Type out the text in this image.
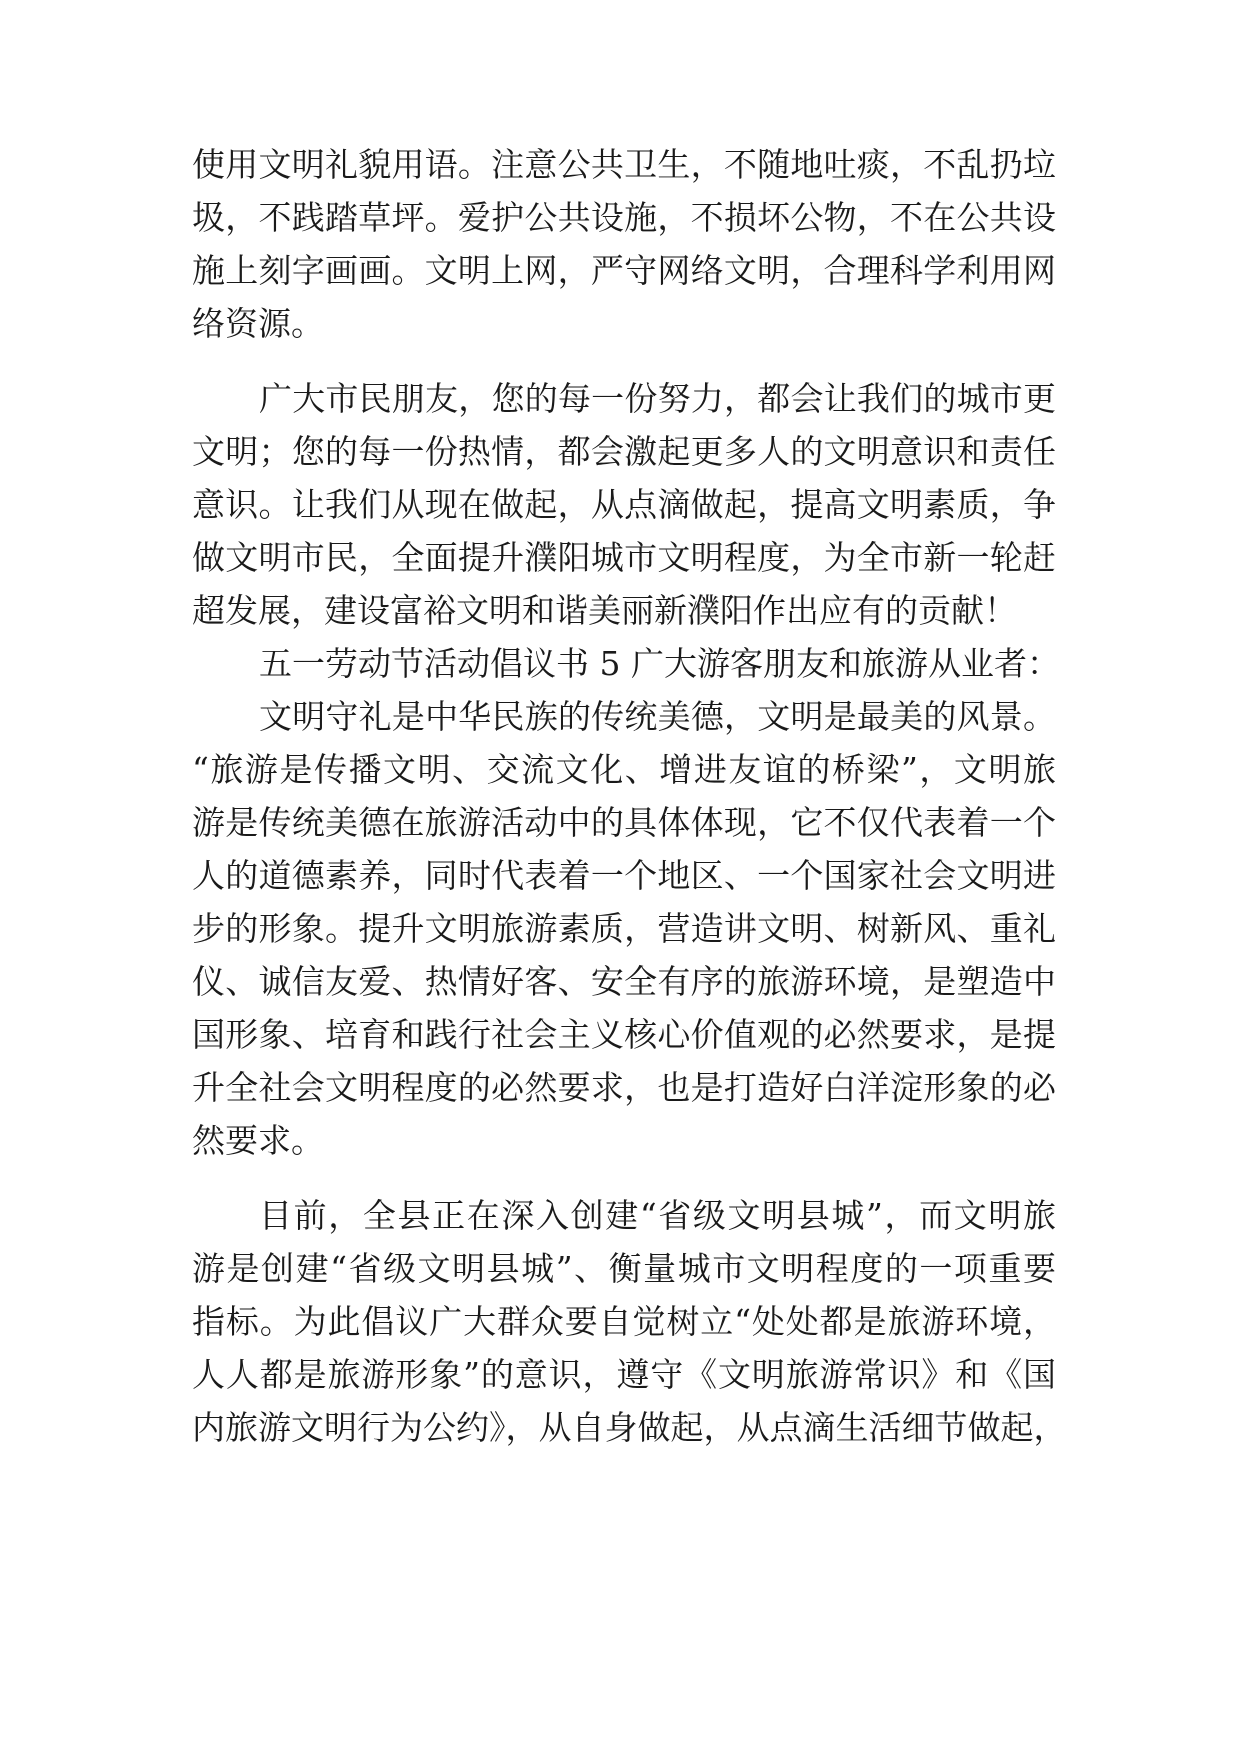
使用文明礼貌用语。注意公共卫生，不随地吐痰，不乱扔垃
圾，不践踏草坪。爱护公共设施，不损坏公物，不在公共设
施上刻字画画。文明上网，严守网络文明，合理科学利用网
络资源。
广大市民朋友，您的每一份努力，都会让我们的城市更
文明；您的每一份热情，都会激起更多人的文明意识和责任
意识。让我们从现在做起，从点滴做起，提高文明素质，争
做文明市民，全面提升濮阳城市文明程度，为全市新一轮赶
超发展，建设富裕文明和谐美丽新濮阳作出应有的贡献！
五一劳动节活动倡议书 5 广大游客朋友和旅游从业者：
文明守礼是中华民族的传统美德，文明是最美的风景。
“旅游是传播文明、交流文化、增进友谊的桥梁”，文明旅
游是传统美德在旅游活动中的具体体现，它不仅代表着一个
人的道德素养，同时代表着一个地区、一个国家社会文明进
步的形象。提升文明旅游素质，营造讲文明、树新风、重礼
仪、诚信友爱、热情好客、安全有序的旅游环境，是塑造中
国形象、培育和践行社会主义核心价值观的必然要求，是提
升全社会文明程度的必然要求，也是打造好白洋淀形象的必
然要求。
目前，全县正在深入创建“省级文明县城”，而文明旅
游是创建“省级文明县城”、衡量城市文明程度的一项重要
指标。为此倡议广大群众要自觉树立“处处都是旅游环境，
人人都是旅游形象”的意识，遵守《文明旅游常识》和《国
内旅游文明行为公约》，从自身做起，从点滴生活细节做起，
